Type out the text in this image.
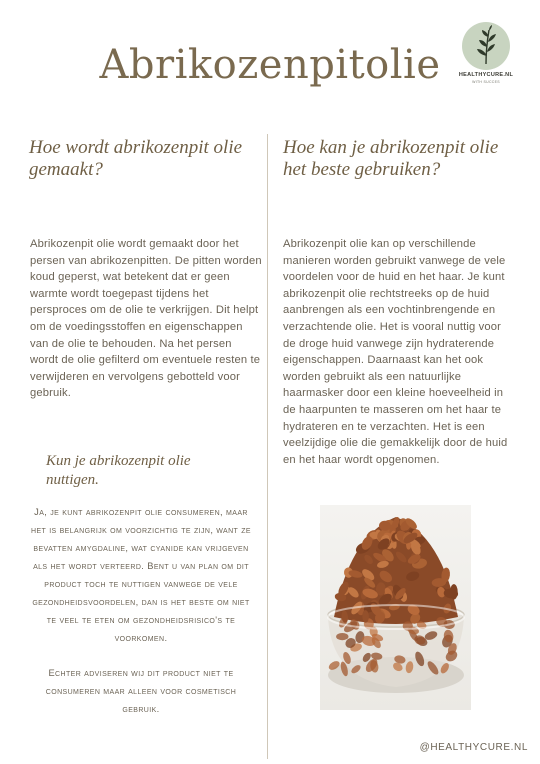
Abrikozenpitolie	HEALTHYCURE.NL
WITH SUCCES
Hoe wordt abrikozenpit olie gemaakt?
Abrikozenpit olie wordt gemaakt door het persen van abrikozenpitten. De pitten worden koud geperst, wat betekent dat er geen warmte wordt toegepast tijdens het persproces om de olie te verkrijgen. Dit helpt om de voedingsstoffen en eigenschappen van de olie te behouden. Na het persen wordt de olie gefilterd om eventuele resten te verwijderen en vervolgens gebotteld voor gebruik.
Kun je abrikozenpit olie nuttigen.
Ja, je kunt abrikozenpit olie consumeren, maar het is belangrijk om voorzichtig te zijn, want ze bevatten amygdaline, wat cyanide kan vrijgeven als het wordt verteerd. Bent u van plan om dit product toch te nuttigen vanwege de vele gezondheidsvoordelen, dan is het beste om niet te veel te eten om gezondheidsrisico's te voorkomen.
Echter adviseren wij dit product niet te consumeren maar alleen voor cosmetisch gebruik.
Hoe kan je abrikozenpit olie het beste gebruiken?
Abrikozenpit olie kan op verschillende manieren worden gebruikt vanwege de vele voordelen voor de huid en het haar. Je kunt abrikozenpit olie rechtstreeks op de huid aanbrengen als een vochtinbrengende en verzachtende olie. Het is vooral nuttig voor de droge huid vanwege zijn hydraterende eigenschappen. Daarnaast kan het ook worden gebruikt als een natuurlijke haarmasker door een kleine hoeveelheid in de haarpunten te masseren om het haar te hydrateren en te verzachten. Het is een veelzijdige olie die gemakkelijk door de huid en het haar wordt opgenomen.
@HEALTHYCURE.NL
